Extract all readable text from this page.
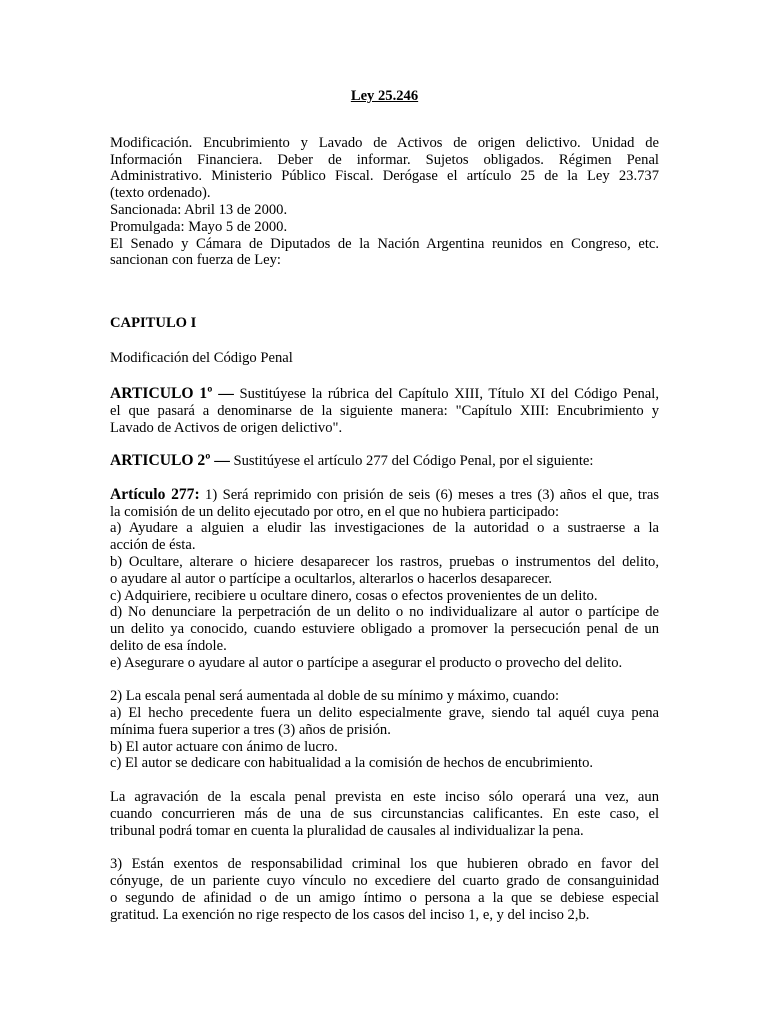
Ley 25.246

Modificación. Encubrimiento y Lavado de Activos de origen delictivo. Unidad de
Información Financiera. Deber de informar. Sujetos obligados. Régimen Penal
Administrativo. Ministerio Público Fiscal. Derógase el artículo 25 de la Ley 23.737
(texto ordenado).
Sancionada: Abril 13 de 2000.
Promulgada: Mayo 5 de 2000.
El Senado y Cámara de Diputados de la Nación Argentina reunidos en Congreso, etc.
sancionan con fuerza de Ley:

CAPITULO I

Modificación del Código Penal

ARTICULO 1º — Sustitúyese la rúbrica del Capítulo XIII, Título XI del Código Penal,
el que pasará a denominarse de la siguiente manera: "Capítulo XIII: Encubrimiento y
Lavado de Activos de origen delictivo".

ARTICULO 2º — Sustitúyese el artículo 277 del Código Penal, por el siguiente:

Artículo 277: 1) Será reprimido con prisión de seis (6) meses a tres (3) años el que, tras
la comisión de un delito ejecutado por otro, en el que no hubiera participado:
a) Ayudare a alguien a eludir las investigaciones de la autoridad o a sustraerse a la
acción de ésta.
b) Ocultare, alterare o hiciere desaparecer los rastros, pruebas o instrumentos del delito,
o ayudare al autor o partícipe a ocultarlos, alterarlos o hacerlos desaparecer.
c) Adquiriere, recibiere u ocultare dinero, cosas o efectos provenientes de un delito.
d) No denunciare la perpetración de un delito o no individualizare al autor o partícipe de
un delito ya conocido, cuando estuviere obligado a promover la persecución penal de un
delito de esa índole.
e) Asegurare o ayudare al autor o partícipe a asegurar el producto o provecho del delito.

2) La escala penal será aumentada al doble de su mínimo y máximo, cuando:
a) El hecho precedente fuera un delito especialmente grave, siendo tal aquél cuya pena
mínima fuera superior a tres (3) años de prisión.
b) El autor actuare con ánimo de lucro.
c) El autor se dedicare con habitualidad a la comisión de hechos de encubrimiento.

La agravación de la escala penal prevista en este inciso sólo operará una vez, aun
cuando concurrieren más de una de sus circunstancias calificantes. En este caso, el
tribunal podrá tomar en cuenta la pluralidad de causales al individualizar la pena.

3) Están exentos de responsabilidad criminal los que hubieren obrado en favor del
cónyuge, de un pariente cuyo vínculo no excediere del cuarto grado de consanguinidad
o segundo de afinidad o de un amigo íntimo o persona a la que se debiese especial
gratitud. La exención no rige respecto de los casos del inciso 1, e, y del inciso 2,b.
